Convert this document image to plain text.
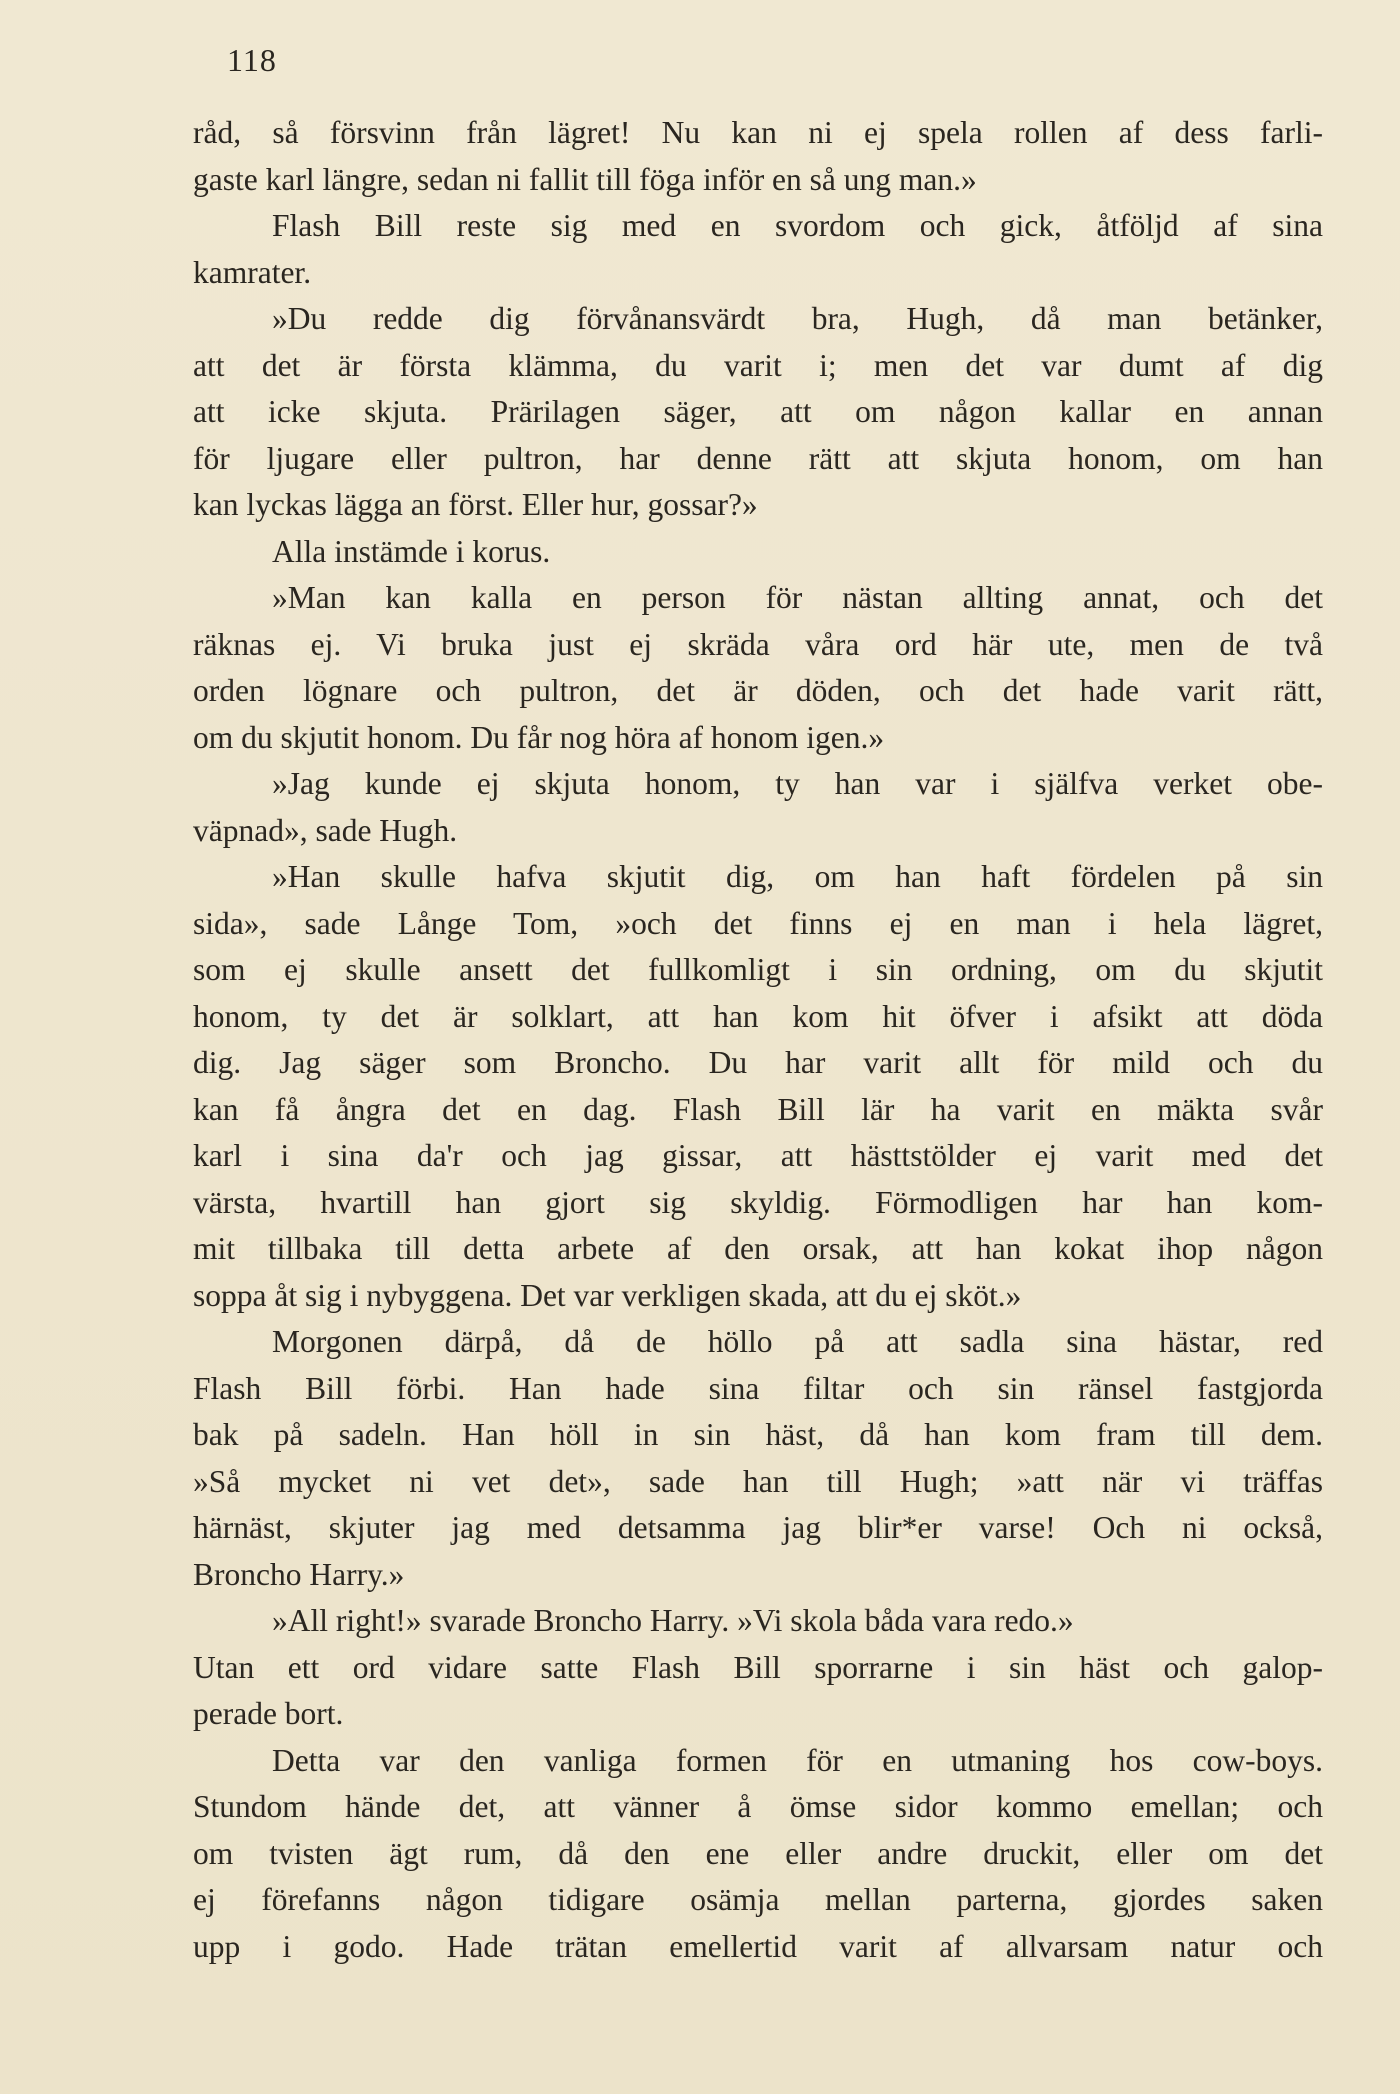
118
råd, så försvinn från lägret! Nu kan ni ej spela rollen af dess farli-
gaste karl längre, sedan ni fallit till föga inför en så ung man.»
Flash Bill reste sig med en svordom och gick, åtföljd af sina
kamrater.
»Du redde dig förvånansvärdt bra, Hugh, då man betänker,
att det är första klämma, du varit i; men det var dumt af dig
att icke skjuta. Prärilagen säger, att om någon kallar en annan
för ljugare eller pultron, har denne rätt att skjuta honom, om han
kan lyckas lägga an först. Eller hur, gossar?»
Alla instämde i korus.
»Man kan kalla en person för nästan allting annat, och det
räknas ej. Vi bruka just ej skräda våra ord här ute, men de två
orden lögnare och pultron, det är döden, och det hade varit rätt,
om du skjutit honom. Du får nog höra af honom igen.»
»Jag kunde ej skjuta honom, ty han var i själfva verket obe-
väpnad», sade Hugh.
»Han skulle hafva skjutit dig, om han haft fördelen på sin
sida», sade Långe Tom, »och det finns ej en man i hela lägret,
som ej skulle ansett det fullkomligt i sin ordning, om du skjutit
honom, ty det är solklart, att han kom hit öfver i afsikt att döda
dig. Jag säger som Broncho. Du har varit allt för mild och du
kan få ångra det en dag. Flash Bill lär ha varit en mäkta svår
karl i sina da'r och jag gissar, att hästtstölder ej varit med det
värsta, hvartill han gjort sig skyldig. Förmodligen har han kom-
mit tillbaka till detta arbete af den orsak, att han kokat ihop någon
soppa åt sig i nybyggena. Det var verkligen skada, att du ej sköt.»
Morgonen därpå, då de höllo på att sadla sina hästar, red
Flash Bill förbi. Han hade sina filtar och sin ränsel fastgjorda
bak på sadeln. Han höll in sin häst, då han kom fram till dem.
»Så mycket ni vet det», sade han till Hugh; »att när vi träffas
härnäst, skjuter jag med detsamma jag blir*er varse! Och ni också,
Broncho Harry.»
»All right!» svarade Broncho Harry. »Vi skola båda vara redo.»
Utan ett ord vidare satte Flash Bill sporrarne i sin häst och galop-
perade bort.
Detta var den vanliga formen för en utmaning hos cow-boys.
Stundom hände det, att vänner å ömse sidor kommo emellan; och
om tvisten ägt rum, då den ene eller andre druckit, eller om det
ej förefanns någon tidigare osämja mellan parterna, gjordes saken
upp i godo. Hade trätan emellertid varit af allvarsam natur och
